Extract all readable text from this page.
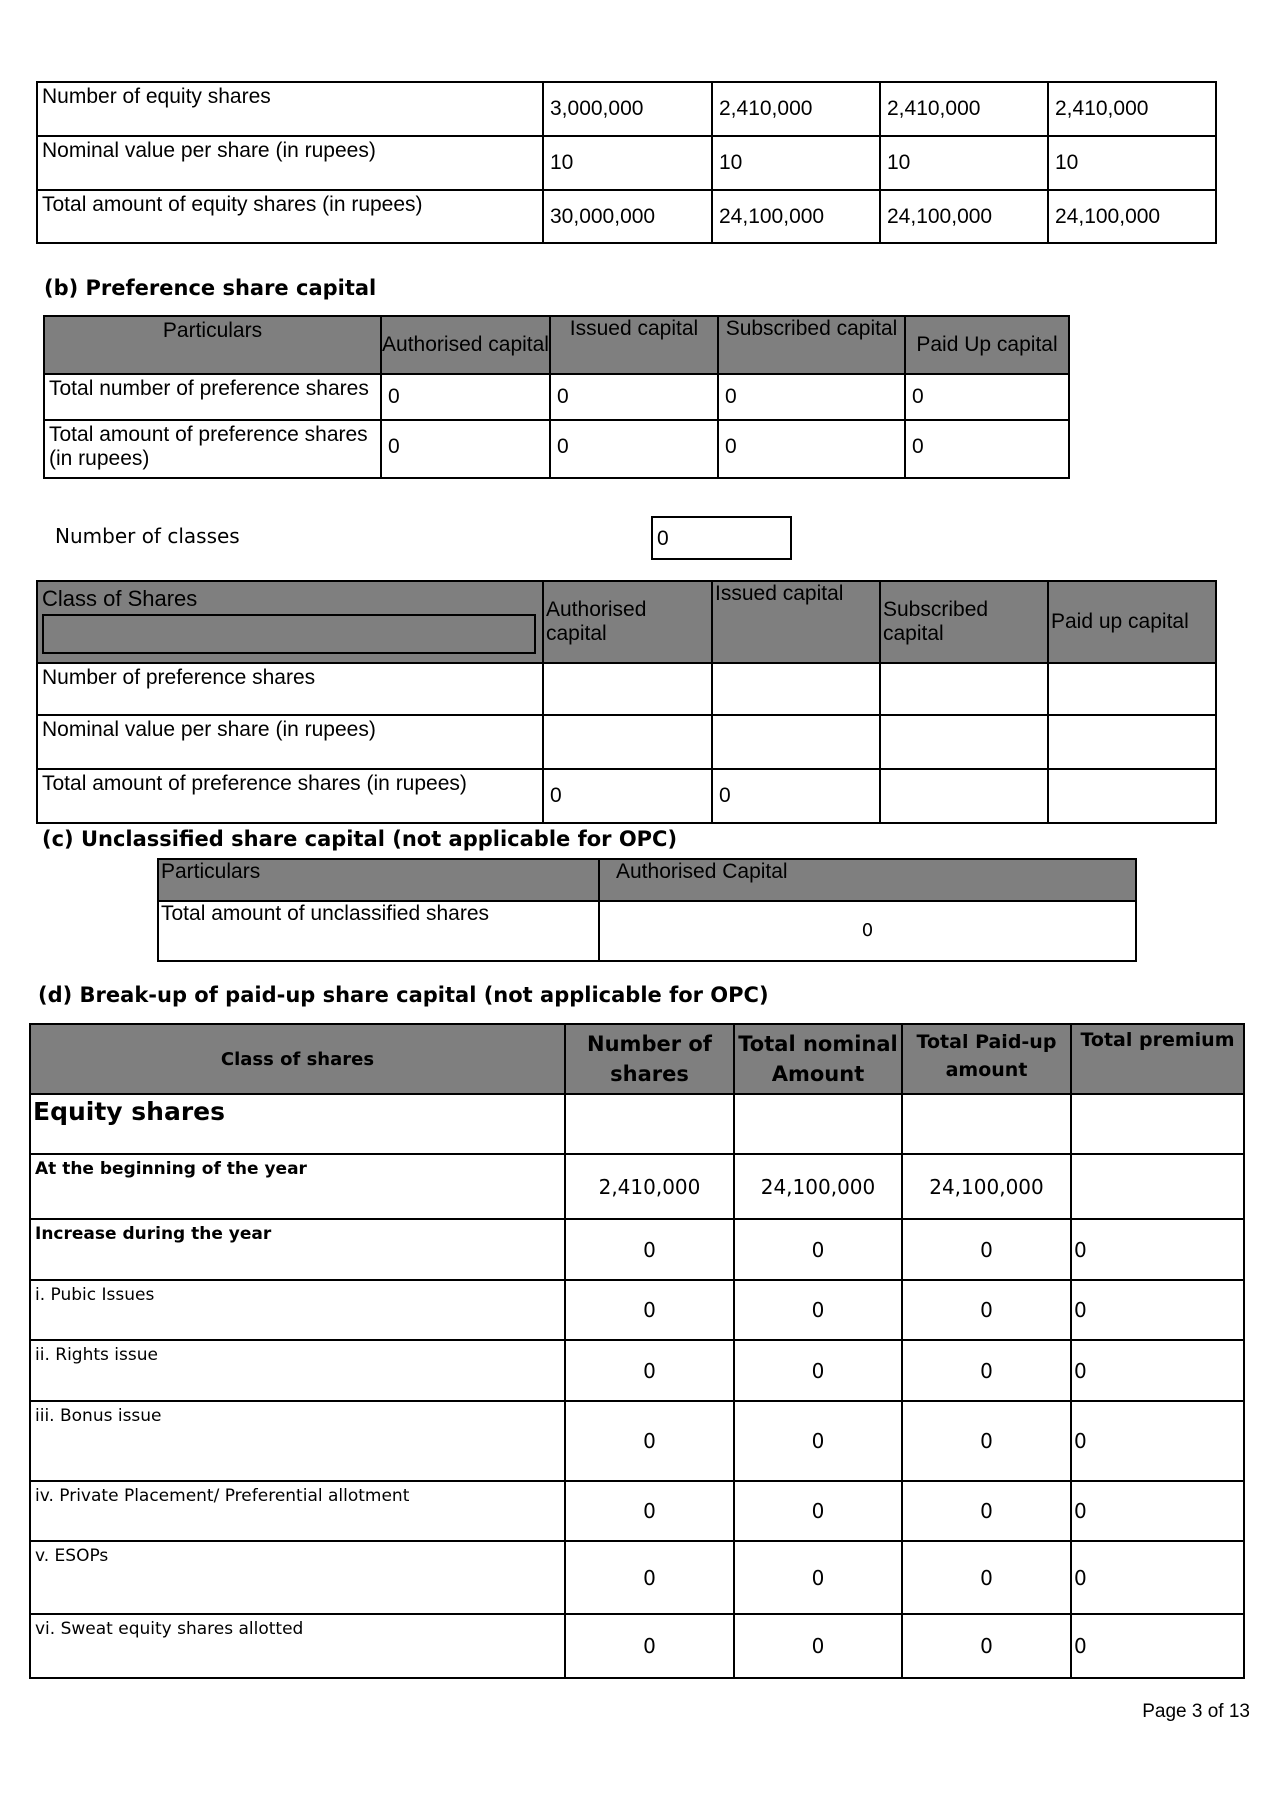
Number of equity shares	3,000,000	2,410,000	2,410,000	2,410,000
Nominal value per share (in rupees)	10	10	10	10
Total amount of equity shares (in rupees)	30,000,000	24,100,000	24,100,000	24,100,000
(b) Preference share capital
Particulars	Authorised capital	Issued capital	Subscribed capital	Paid Up capital
Total number of preference shares	0	0	0	0
Total amount of preference shares (in rupees)	0	0	0	0
Number of classes	0
Class of Shares	Authorised capital	Issued capital	Subscribed capital	Paid up capital
Number of preference shares				
Nominal value per share (in rupees)				
Total amount of preference shares (in rupees)	0	0		
(c) Unclassified share capital (not applicable for OPC)
Particulars	Authorised Capital
Total amount of unclassified shares	0
(d) Break-up of paid-up share capital (not applicable for OPC)
Class of shares	Number of shares	Total nominal Amount	Total Paid-up amount	Total premium
Equity shares				
At the beginning of the year	2,410,000	24,100,000	24,100,000	
Increase during the year	0	0	0	0
i. Pubic Issues	0	0	0	0
ii. Rights issue	0	0	0	0
iii. Bonus issue	0	0	0	0
iv. Private Placement/ Preferential allotment	0	0	0	0
v. ESOPs	0	0	0	0
vi. Sweat equity shares allotted	0	0	0	0
Page 3 of 13
